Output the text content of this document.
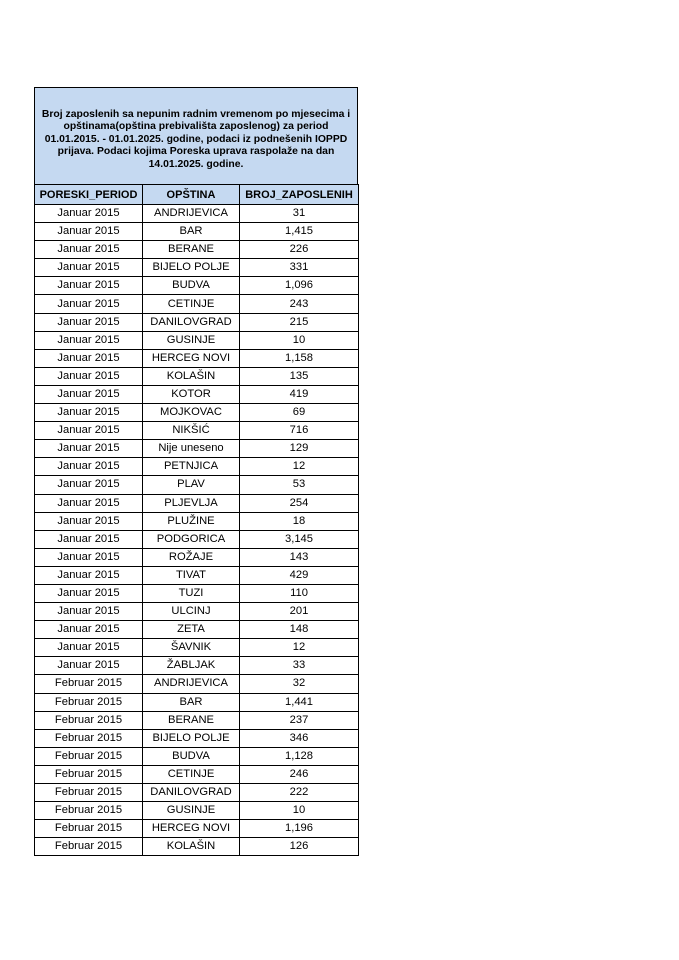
Broj zaposlenih sa nepunim radnim vremenom po mjesecima i
opštinama(opština prebivališta zaposlenog) za period
01.01.2015. - 01.01.2025. godine, podaci iz podnešenih IOPPD
prijava. Podaci kojima Poreska uprava raspolaže na dan
14.01.2025. godine.
PORESKI_PERIOD	OPŠTINA	BROJ_ZAPOSLENIH
Januar 2015	ANDRIJEVICA	31
Januar 2015	BAR	1,415
Januar 2015	BERANE	226
Januar 2015	BIJELO POLJE	331
Januar 2015	BUDVA	1,096
Januar 2015	CETINJE	243
Januar 2015	DANILOVGRAD	215
Januar 2015	GUSINJE	10
Januar 2015	HERCEG NOVI	1,158
Januar 2015	KOLAŠIN	135
Januar 2015	KOTOR	419
Januar 2015	MOJKOVAC	69
Januar 2015	NIKŠIĆ	716
Januar 2015	Nije uneseno	129
Januar 2015	PETNJICA	12
Januar 2015	PLAV	53
Januar 2015	PLJEVLJA	254
Januar 2015	PLUŽINE	18
Januar 2015	PODGORICA	3,145
Januar 2015	ROŽAJE	143
Januar 2015	TIVAT	429
Januar 2015	TUZI	110
Januar 2015	ULCINJ	201
Januar 2015	ZETA	148
Januar 2015	ŠAVNIK	12
Januar 2015	ŽABLJAK	33
Februar 2015	ANDRIJEVICA	32
Februar 2015	BAR	1,441
Februar 2015	BERANE	237
Februar 2015	BIJELO POLJE	346
Februar 2015	BUDVA	1,128
Februar 2015	CETINJE	246
Februar 2015	DANILOVGRAD	222
Februar 2015	GUSINJE	10
Februar 2015	HERCEG NOVI	1,196
Februar 2015	KOLAŠIN	126
